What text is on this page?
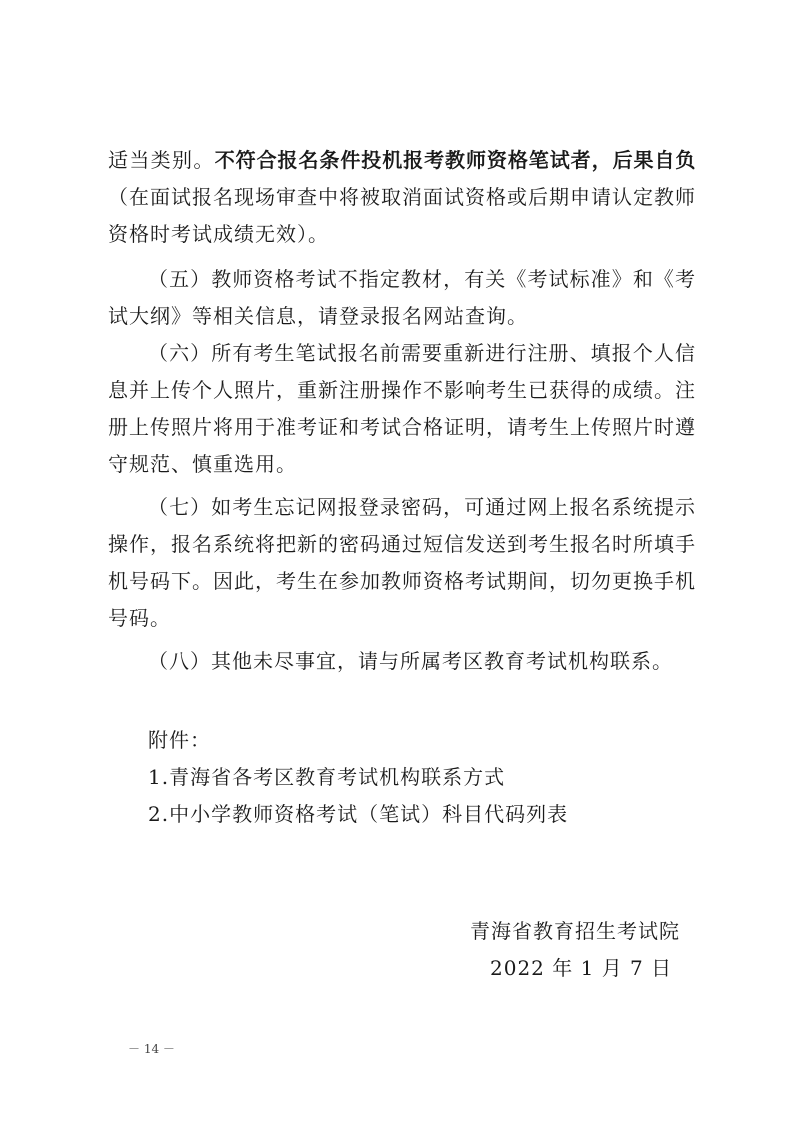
适当类别。不符合报名条件投机报考教师资格笔试者，后果自负（在面试报名现场审查中将被取消面试资格或后期申请认定教师资格时考试成绩无效）。

（五）教师资格考试不指定教材，有关《考试标准》和《考试大纲》等相关信息，请登录报名网站查询。

（六）所有考生笔试报名前需要重新进行注册、填报个人信息并上传个人照片，重新注册操作不影响考生已获得的成绩。注册上传照片将用于准考证和考试合格证明，请考生上传照片时遵守规范、慎重选用。

（七）如考生忘记网报登录密码，可通过网上报名系统提示操作，报名系统将把新的密码通过短信发送到考生报名时所填手机号码下。因此，考生在参加教师资格考试期间，切勿更换手机号码。

（八）其他未尽事宜，请与所属考区教育考试机构联系。

附件：

1.青海省各考区教育考试机构联系方式

2.中小学教师资格考试（笔试）科目代码列表

青海省教育招生考试院

2022 年 1 月 7 日

－ 14 －
